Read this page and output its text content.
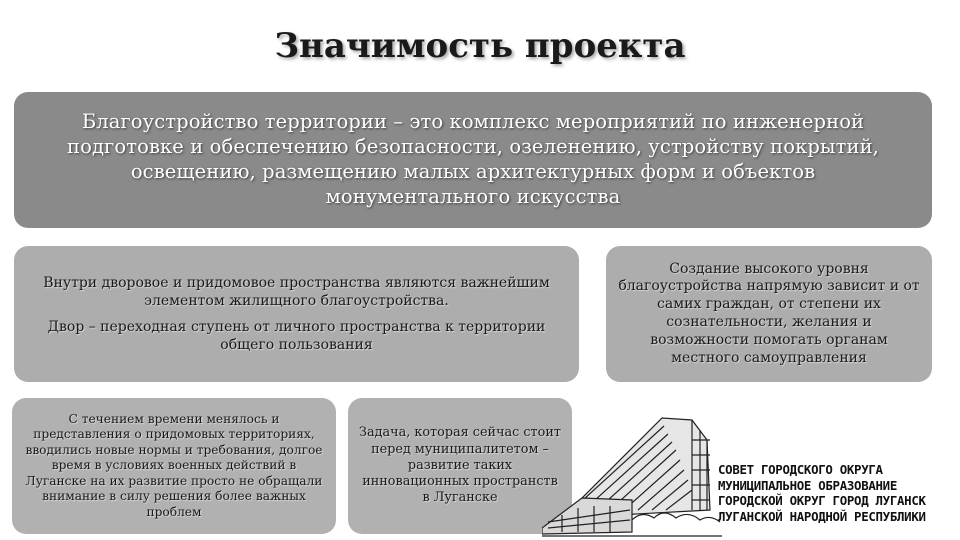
Значимость проекта

Благоустройство территории – это комплекс мероприятий по инженерной подготовке и обеспечению безопасности, озеленению, устройству покрытий, освещению, размещению малых архитектурных форм и объектов монументального искусства

Внутри дворовое и придомовое пространства являются важнейшим элементом жилищного благоустройства.

Двор – переходная ступень от личного пространства к территории общего пользования

Создание высокого уровня благоустройства напрямую зависит и от самих граждан, от степени их сознательности, желания и возможности помогать органам местного самоуправления

С течением времени менялось и представления о придомовых территориях, вводились новые нормы и требования, долгое время в условиях военных действий в Луганске на их развитие просто не обращали внимание в силу решения более важных проблем

Задача, которая сейчас стоит перед муниципалитетом – развитие таких инновационных пространств в Луганске

СОВЕТ ГОРОДСКОГО ОКРУГА
МУНИЦИПАЛЬНОЕ ОБРАЗОВАНИЕ
ГОРОДСКОЙ ОКРУГ ГОРОД ЛУГАНСК
ЛУГАНСКОЙ НАРОДНОЙ РЕСПУБЛИКИ
